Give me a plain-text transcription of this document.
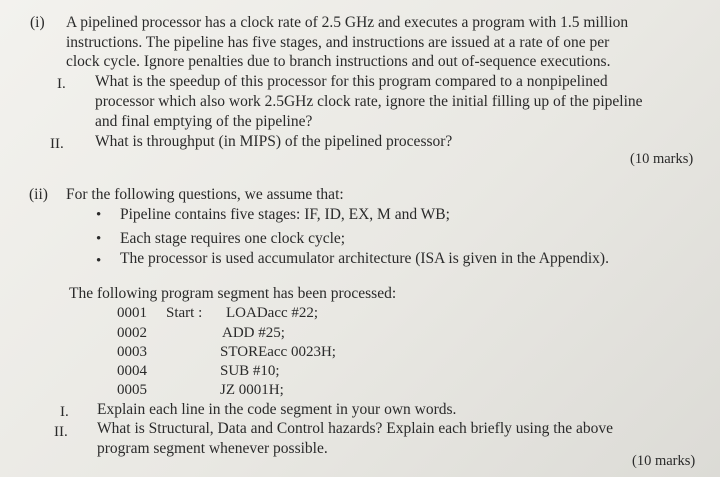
(i) A pipelined processor has a clock rate of 2.5 GHz and executes a program with 1.5 million
instructions. The pipeline has five stages, and instructions are issued at a rate of one per
clock cycle. Ignore penalties due to branch instructions and out of-sequence executions.
I. What is the speedup of this processor for this program compared to a nonpipelined
processor which also work 2.5GHz clock rate, ignore the initial filling up of the pipeline
and final emptying of the pipeline?
II. What is throughput (in MIPS) of the pipelined processor?
(10 marks)
(ii) For the following questions, we assume that:
• Pipeline contains five stages: IF, ID, EX, M and WB;
• Each stage requires one clock cycle;
• The processor is used accumulator architecture (ISA is given in the Appendix).
The following program segment has been processed:
0001 Start : LOADacc #22;
0002	ADD #25;
0003	STOREacc 0023H;
0004	SUB #10;
0005	JZ 0001H;
I. Explain each line in the code segment in your own words.
II. What is Structural, Data and Control hazards? Explain each briefly using the above
program segment whenever possible.
(10 marks)
